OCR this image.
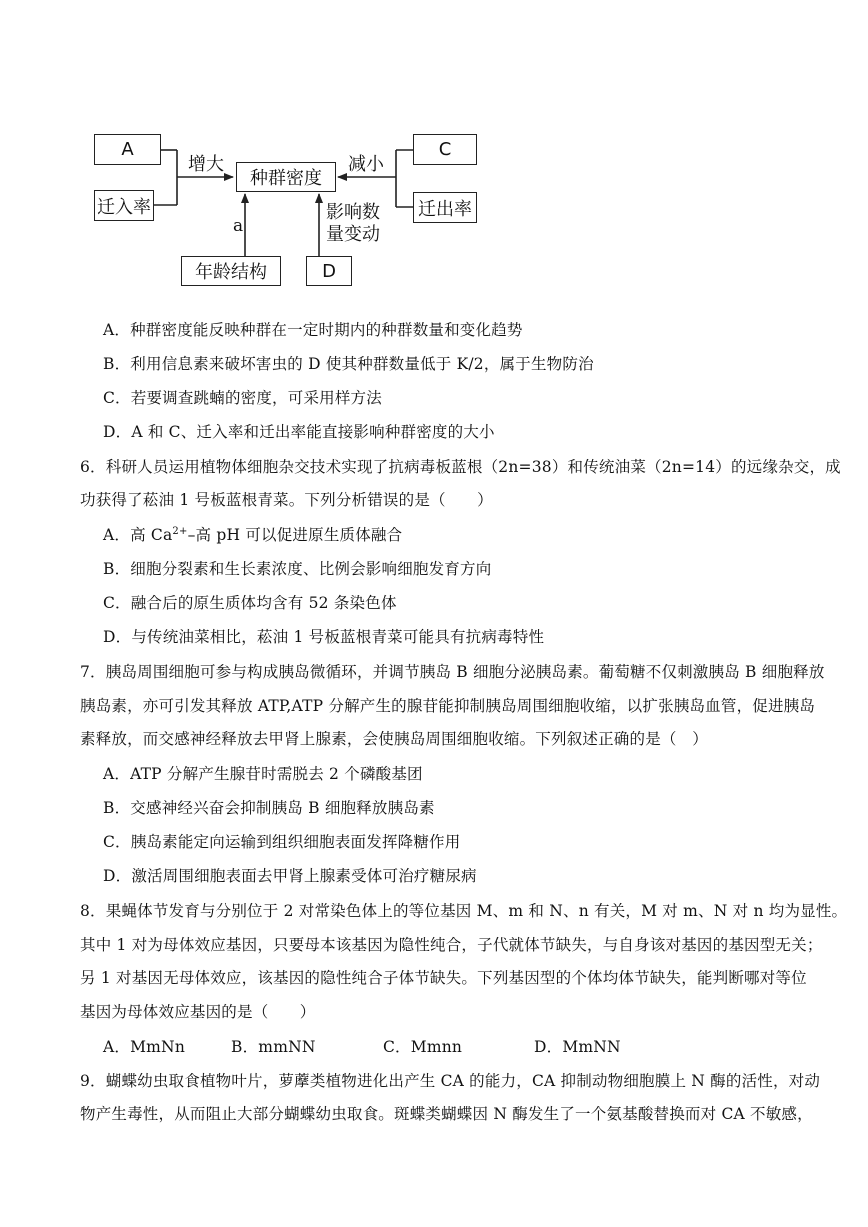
A
迁入率
增大
种群密度
减小
C
迁出率
a
影响数
量变动
年龄结构	D
A．种群密度能反映种群在一定时期内的种群数量和变化趋势
B．利用信息素来破坏害虫的 D 使其种群数量低于 K/2，属于生物防治
C．若要调查跳蝻的密度，可采用样方法
D．A 和 C、迁入率和迁出率能直接影响种群密度的大小
6．科研人员运用植物体细胞杂交技术实现了抗病毒板蓝根（2n=38）和传统油菜（2n=14）的远缘杂交，成
功获得了菘油 1 号板蓝根青菜。下列分析错误的是（　　）
A．高 $Ca^{2+}-$高 pH 可以促进原生质体融合
B．细胞分裂素和生长素浓度、比例会影响细胞发育方向
C．融合后的原生质体均含有 52 条染色体
D．与传统油菜相比，菘油 1 号板蓝根青菜可能具有抗病毒特性
7．胰岛周围细胞可参与构成胰岛微循环，并调节胰岛 B 细胞分泌胰岛素。葡萄糖不仅刺激胰岛 B 细胞释放
胰岛素，亦可引发其释放 ATP,ATP 分解产生的腺苷能抑制胰岛周围细胞收缩，以扩张胰岛血管，促进胰岛
素释放，而交感神经释放去甲肾上腺素，会使胰岛周围细胞收缩。下列叙述正确的是（　）
A．ATP 分解产生腺苷时需脱去 2 个磷酸基团
B．交感神经兴奋会抑制胰岛 B 细胞释放胰岛素
C．胰岛素能定向运输到组织细胞表面发挥降糖作用
D．激活周围细胞表面去甲肾上腺素受体可治疗糖尿病
8．果蝇体节发育与分别位于 2 对常染色体上的等位基因 M、m 和 N、n 有关，M 对 m、N 对 n 均为显性。
其中 1 对为母体效应基因，只要母本该基因为隐性纯合，子代就体节缺失，与自身该对基因的基因型无关；
另 1 对基因无母体效应，该基因的隐性纯合子体节缺失。下列基因型的个体均体节缺失，能判断哪对等位
基因为母体效应基因的是（　　）
A．MmNn	B．mmNN	C．Mmnn	D．MmNN
9．蝴蝶幼虫取食植物叶片，萝藦类植物进化出产生 CA 的能力，CA 抑制动物细胞膜上 N 酶的活性，对动
物产生毒性，从而阻止大部分蝴蝶幼虫取食。斑蝶类蝴蝶因 N 酶发生了一个氨基酸替换而对 CA 不敏感，
